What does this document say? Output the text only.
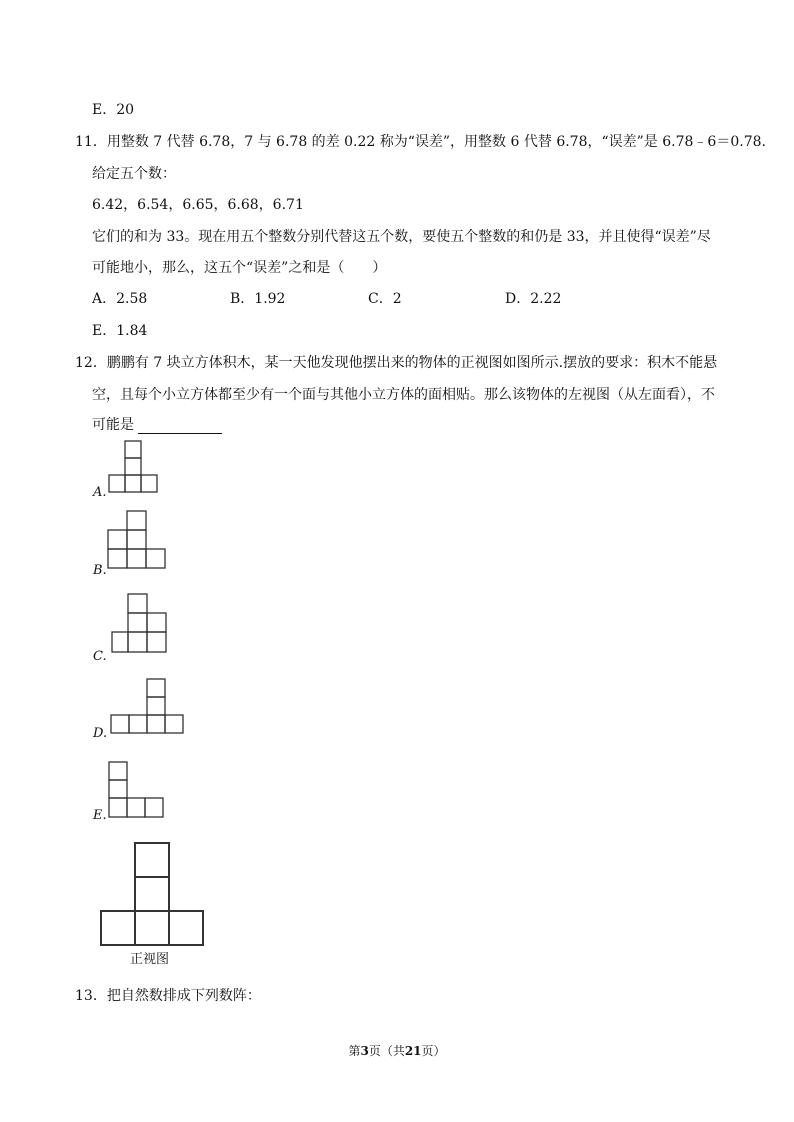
E．20
11．用整数 7 代替 6.78，7 与 6.78 的差 0.22 称为“误差”，用整数 6 代替 6.78，“误差”是 6.78﹣6＝0.78.
给定五个数：
6.42，6.54，6.65，6.68，6.71
它们的和为 33。现在用五个整数分别代替这五个数，要使五个整数的和仍是 33，并且使得“误差”尽
可能地小，那么，这五个“误差”之和是（　　）
A．2.58	B．1.92	C．2	D．2.22
E．1.84
12．鹏鹏有 7 块立方体积木，某一天他发现他摆出来的物体的正视图如图所示.摆放的要求：积木不能悬
空，且每个小立方体都至少有一个面与其他小立方体的面相贴。那么该物体的左视图（从左面看），不
可能是
A.
B.
C.
D.
E.
正视图
13．把自然数排成下列数阵：
第3页（共21页）
